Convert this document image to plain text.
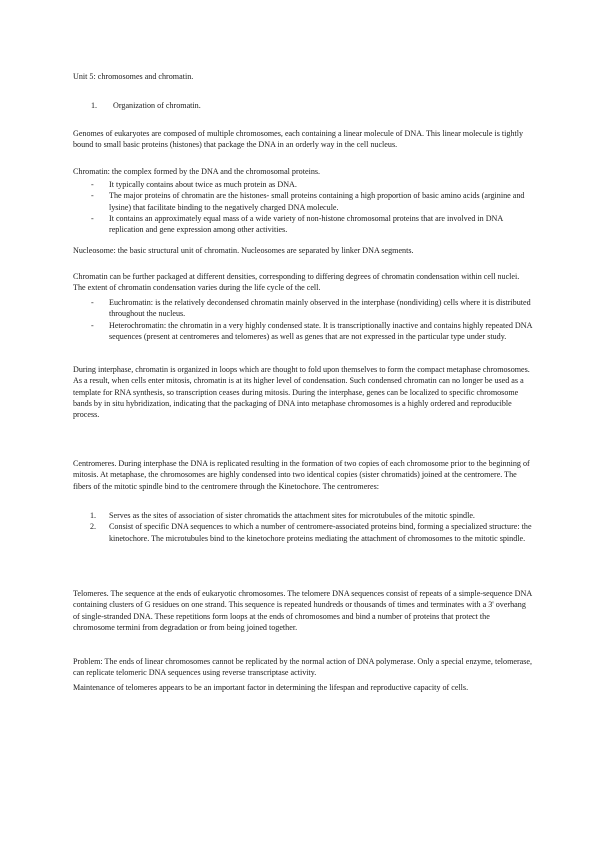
Unit 5: chromosomes and chromatin.

1. Organization of chromatin.

Genomes of eukaryotes are composed of multiple chromosomes, each containing a linear molecule of DNA. This linear molecule is tightly bound to small basic proteins (histones) that package the DNA in an orderly way in the cell nucleus.

Chromatin: the complex formed by the DNA and the chromosomal proteins.

- It typically contains about twice as much protein as DNA.
- The major proteins of chromatin are the histones- small proteins containing a high proportion of basic amino acids (arginine and lysine) that facilitate binding to the negatively charged DNA molecule.
- It contains an approximately equal mass of a wide variety of non-histone chromosomal proteins that are involved in DNA replication and gene expression among other activities.

Nucleosome: the basic structural unit of chromatin. Nucleosomes are separated by linker DNA segments.

Chromatin can be further packaged at different densities, corresponding to differing degrees of chromatin condensation within cell nuclei. The extent of chromatin condensation varies during the life cycle of the cell.

- Euchromatin: is the relatively decondensed chromatin mainly observed in the interphase (nondividing) cells where it is distributed throughout the nucleus.
- Heterochromatin: the chromatin in a very highly condensed state. It is transcriptionally inactive and contains highly repeated DNA sequences (present at centromeres and telomeres) as well as genes that are not expressed in the particular type under study.

During interphase, chromatin is organized in loops which are thought to fold upon themselves to form the compact metaphase chromosomes. As a result, when cells enter mitosis, chromatin is at its higher level of condensation. Such condensed chromatin can no longer be used as a template for RNA synthesis, so transcription ceases during mitosis. During the interphase, genes can be localized to specific chromosome bands by in situ hybridization, indicating that the packaging of DNA into metaphase chromosomes is a highly ordered and reproducible process.

Centromeres. During interphase the DNA is replicated resulting in the formation of two copies of each chromosome prior to the beginning of mitosis. At metaphase, the chromosomes are highly condensed into two identical copies (sister chromatids) joined at the centromere. The fibers of the mitotic spindle bind to the centromere through the Kinetochore. The centromeres:

1. Serves as the sites of association of sister chromatids the attachment sites for microtubules of the mitotic spindle.
2. Consist of specific DNA sequences to which a number of centromere-associated proteins bind, forming a specialized structure: the kinetochore. The microtubules bind to the kinetochore proteins mediating the attachment of chromosomes to the mitotic spindle.

Telomeres. The sequence at the ends of eukaryotic chromosomes. The telomere DNA sequences consist of repeats of a simple-sequence DNA containing clusters of G residues on one strand. This sequence is repeated hundreds or thousands of times and terminates with a 3' overhang of single-stranded DNA. These repetitions form loops at the ends of chromosomes and bind a number of proteins that protect the chromosome termini from degradation or from being joined together.

Problem: The ends of linear chromosomes cannot be replicated by the normal action of DNA polymerase. Only a special enzyme, telomerase, can replicate telomeric DNA sequences using reverse transcriptase activity.

Maintenance of telomeres appears to be an important factor in determining the lifespan and reproductive capacity of cells.
